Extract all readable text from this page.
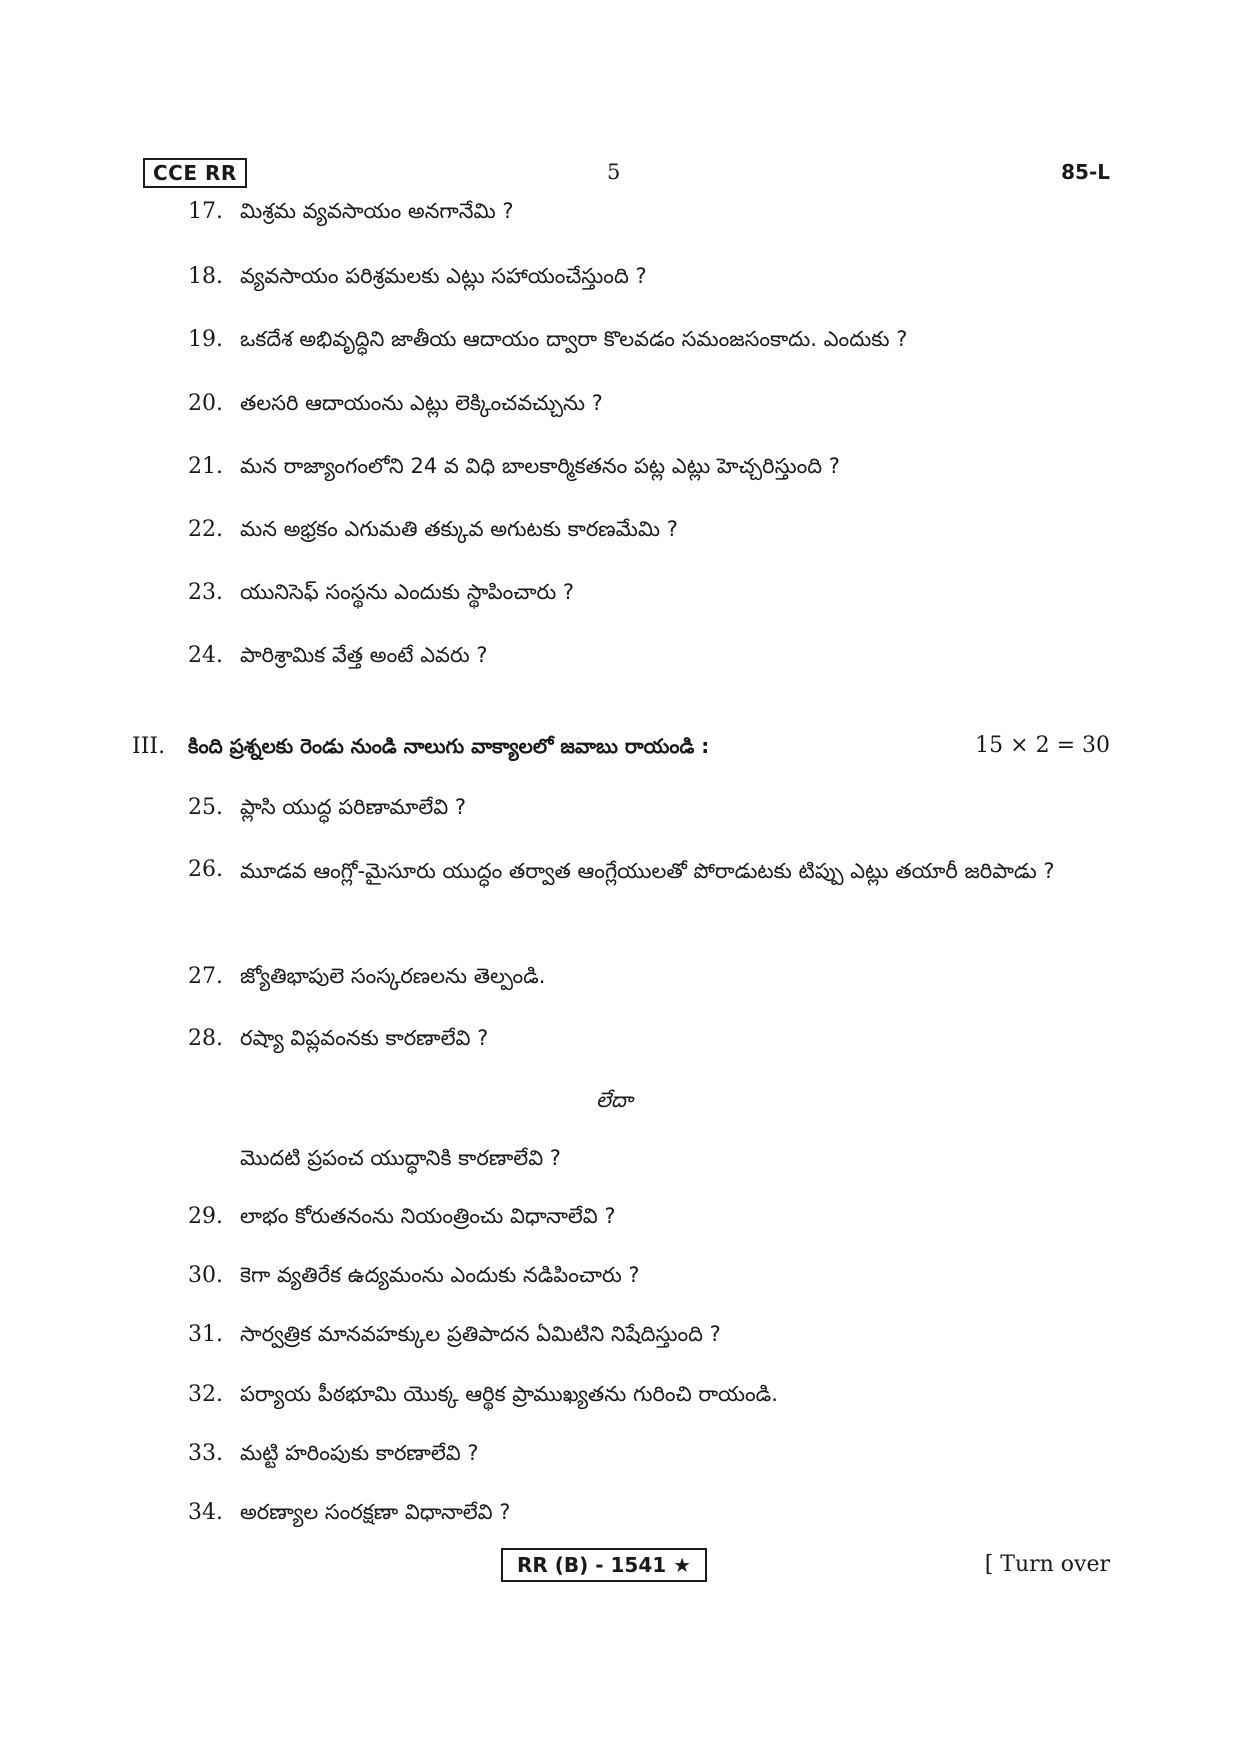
CCE RR	5	85-L
17. మిశ్రమ వ్యవసాయం అనగానేమి ?
18. వ్యవసాయం పరిశ్రమలకు ఎట్లు సహాయంచేస్తుంది ?
19. ఒకదేశ అభివృద్ధిని జాతీయ ఆదాయం ద్వారా కొలవడం సమంజసంకాదు. ఎందుకు ?
20. తలసరి ఆదాయంను ఎట్లు లెక్కించవచ్చును ?
21. మన రాజ్యాంగంలోని 24 వ విధి బాలకార్మికతనం పట్ల ఎట్లు హెచ్చరిస్తుంది ?
22. మన అభ్రకం ఎగుమతి తక్కువ అగుటకు కారణమేమి ?
23. యునిసెఫ్ సంస్థను ఎందుకు స్థాపించారు ?
24. పారిశ్రామిక వేత్త అంటే ఎవరు ?
III. కింది ప్రశ్నలకు రెండు నుండి నాలుగు వాక్యాలలో జవాబు రాయండి :	15 × 2 = 30
25. ప్లాసి యుద్ధ పరిణామాలేవి ?
26. మూడవ ఆంగ్లో-మైసూరు యుద్ధం తర్వాత ఆంగ్లేయులతో పోరాడుటకు టిప్పు ఎట్లు తయారీ జరిపాడు ?
27. జ్యోతిభాపులె సంస్కరణలను తెల్పండి.
28. రష్యా విప్లవంనకు కారణాలేవి ?
లేదా
మొదటి ప్రపంచ యుద్ధానికి కారణాలేవి ?
29. లాభం కోరుతనంను నియంత్రించు విధానాలేవి ?
30. కెగా వ్యతిరేక ఉద్యమంను ఎందుకు నడిపించారు ?
31. సార్వత్రిక మానవహక్కుల ప్రతిపాదన ఏమిటిని నిషేదిస్తుంది ?
32. పర్యాయ పీఠభూమి యొక్క ఆర్థిక ప్రాముఖ్యతను గురించి రాయండి.
33. మట్టి హరింపుకు కారణాలేవి ?
34. అరణ్యాల సంరక్షణా విధానాలేవి ?
RR (B) - 1541 ★	[ Turn over
